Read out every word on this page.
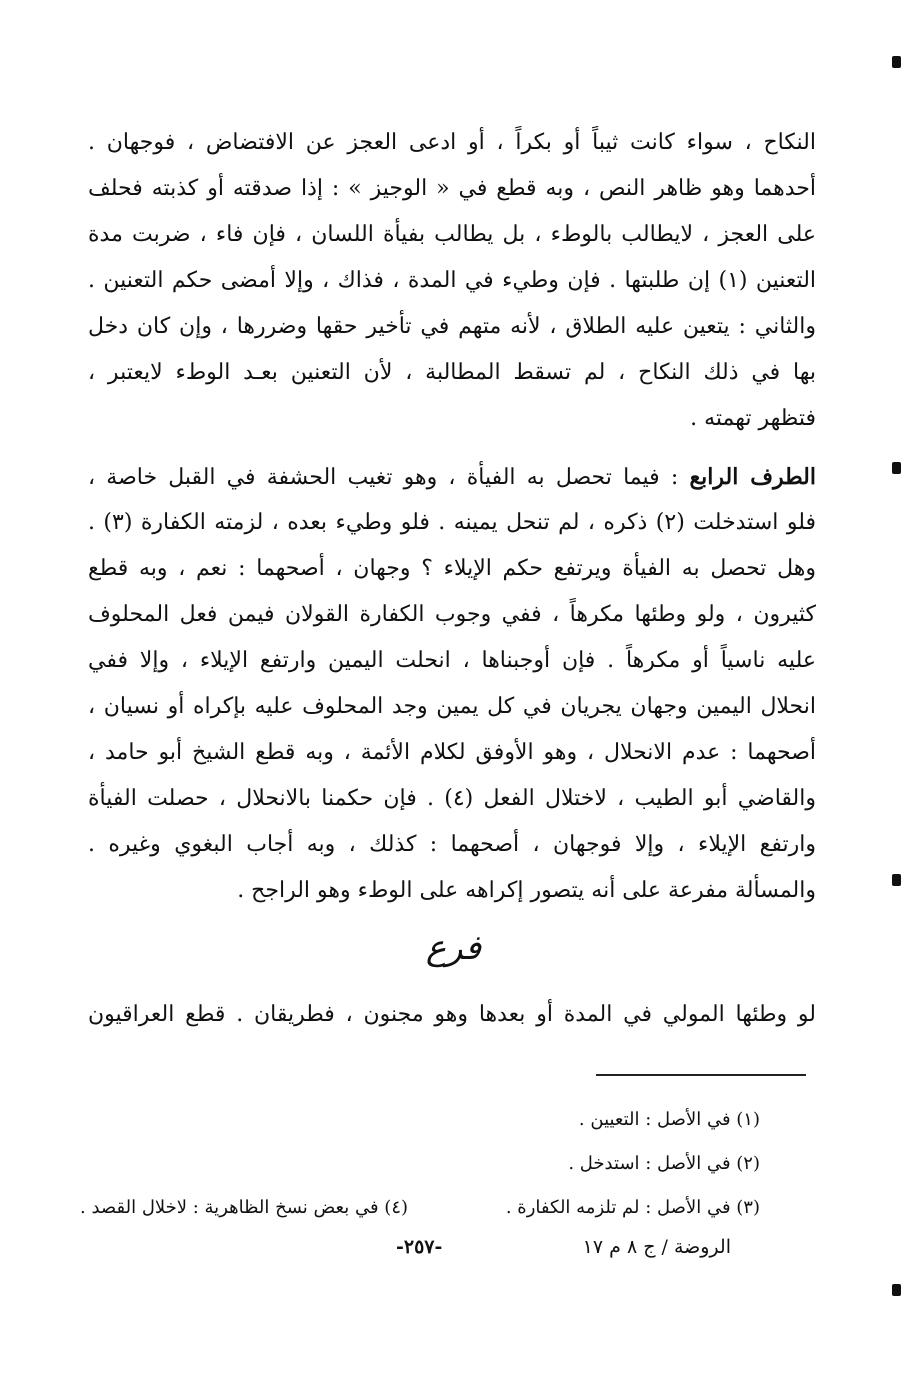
النكاح ، سواء كانت ثيباً أو بكراً ، أو ادعى العجز عن الافتضاض ، فوجهان .
أحدهما وهو ظاهر النص ، وبه قطع في « الوجيز » : إذا صدقته أو كذبته فحلف
على العجز ، لايطالب بالوطء ، بل يطالب بفيأة اللسان ، فإن فاء ، ضربت مدة
التعنين (١) إن طلبتها . فإن وطيء في المدة ، فذاك ، وإلا أمضى حكم التعنين .
والثاني : يتعين عليه الطلاق ، لأنه متهم في تأخير حقها وضررها ، وإن كان دخل
بها في ذلك النكاح ، لم تسقط المطالبة ، لأن التعنين بعـد الوطء لايعتبر ،
فتظهر تهمته .
الطرف الرابع : فيما تحصل به الفيأة ، وهو تغيب الحشفة في القبل خاصة ،
فلو استدخلت (٢) ذكره ، لم تنحل يمينه . فلو وطيء بعده ، لزمته الكفارة (٣) .
وهل تحصل به الفيأة ويرتفع حكم الإيلاء ؟ وجهان ، أصحهما : نعم ، وبه قطع
كثيرون ، ولو وطئها مكرهاً ، ففي وجوب الكفارة القولان فيمن فعل المحلوف
عليه ناسياً أو مكرهاً . فإن أوجبناها ، انحلت اليمين وارتفع الإيلاء ، وإلا ففي
انحلال اليمين وجهان يجريان في كل يمين وجد المحلوف عليه بإكراه أو نسيان ،
أصحهما : عدم الانحلال ، وهو الأوفق لكلام الأئمة ، وبه قطع الشيخ أبو حامد ،
والقاضي أبو الطيب ، لاختلال الفعل (٤) . فإن حكمنا بالانحلال ، حصلت الفيأة
وارتفع الإيلاء ، وإلا فوجهان ، أصحهما : كذلك ، وبه أجاب البغوي وغيره .
والمسألة مفرعة على أنه يتصور إكراهه على الوطء وهو الراجح .
فرع
لو وطئها المولي في المدة أو بعدها وهو مجنون ، فطريقان . قطع العراقيون
(١) في الأصل : التعيين .
(٢) في الأصل : استدخل .
(٣) في الأصل : لم تلزمه الكفارة .
(٤) في بعض نسخ الظاهرية : لاخلال القصد .
الروضة / ج ٨ م ١٧
-٢٥٧-
